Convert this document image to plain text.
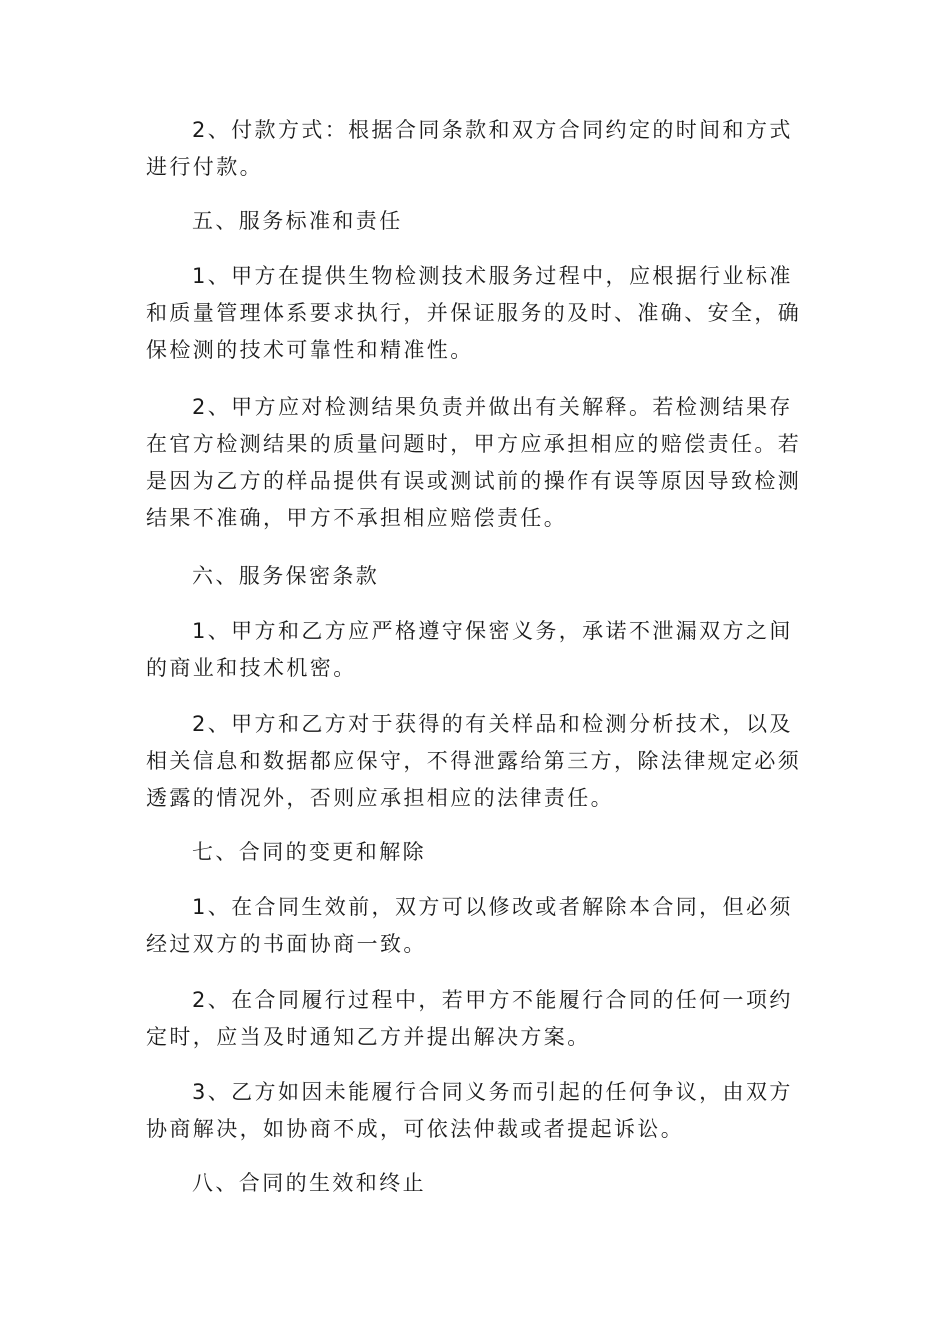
2、付款方式：根据合同条款和双方合同约定的时间和方式进行付款。

五、服务标准和责任

1、甲方在提供生物检测技术服务过程中，应根据行业标准和质量管理体系要求执行，并保证服务的及时、准确、安全，确保检测的技术可靠性和精准性。

2、甲方应对检测结果负责并做出有关解释。若检测结果存在官方检测结果的质量问题时，甲方应承担相应的赔偿责任。若是因为乙方的样品提供有误或测试前的操作有误等原因导致检测结果不准确，甲方不承担相应赔偿责任。

六、服务保密条款

1、甲方和乙方应严格遵守保密义务，承诺不泄漏双方之间的商业和技术机密。

2、甲方和乙方对于获得的有关样品和检测分析技术，以及相关信息和数据都应保守，不得泄露给第三方，除法律规定必须透露的情况外，否则应承担相应的法律责任。

七、合同的变更和解除

1、在合同生效前，双方可以修改或者解除本合同，但必须经过双方的书面协商一致。

2、在合同履行过程中，若甲方不能履行合同的任何一项约定时，应当及时通知乙方并提出解决方案。

3、乙方如因未能履行合同义务而引起的任何争议，由双方协商解决，如协商不成，可依法仲裁或者提起诉讼。

八、合同的生效和终止
